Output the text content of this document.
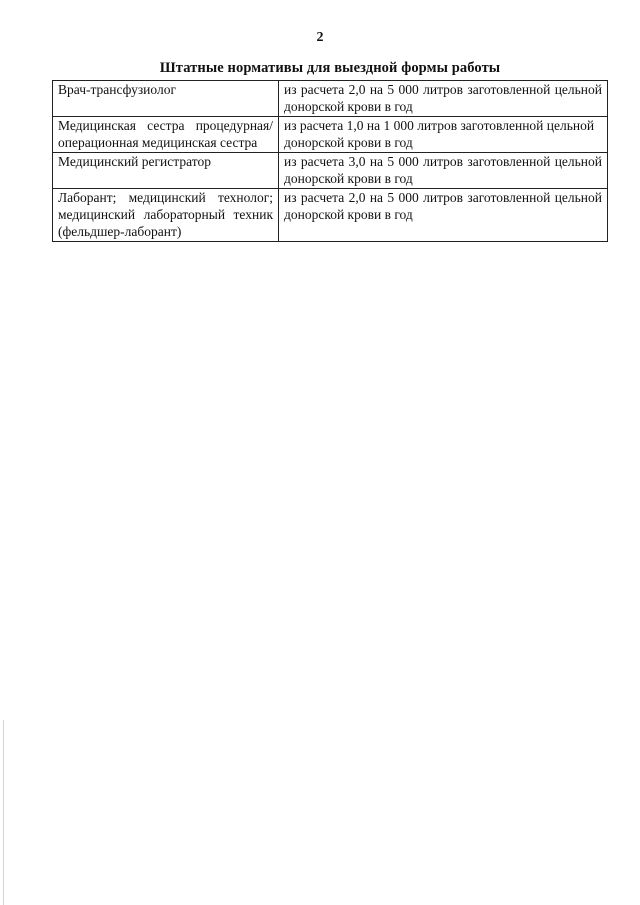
2
Штатные нормативы для выездной формы работы
Врач-трансфузиолог	из расчета 2,0 на 5 000 литров заготовленной цельной донорской крови в год
Медицинская сестра процедурная/ операционная медицинская сестра	из расчета 1,0 на 1 000 литров заготовленной цельной донорской крови в год
Медицинский регистратор	из расчета 3,0 на 5 000 литров заготовленной цельной донорской крови в год
Лаборант; медицинский технолог; медицинский лабораторный техник (фельдшер-лаборант)	из расчета 2,0 на 5 000 литров заготовленной цельной донорской крови в год
